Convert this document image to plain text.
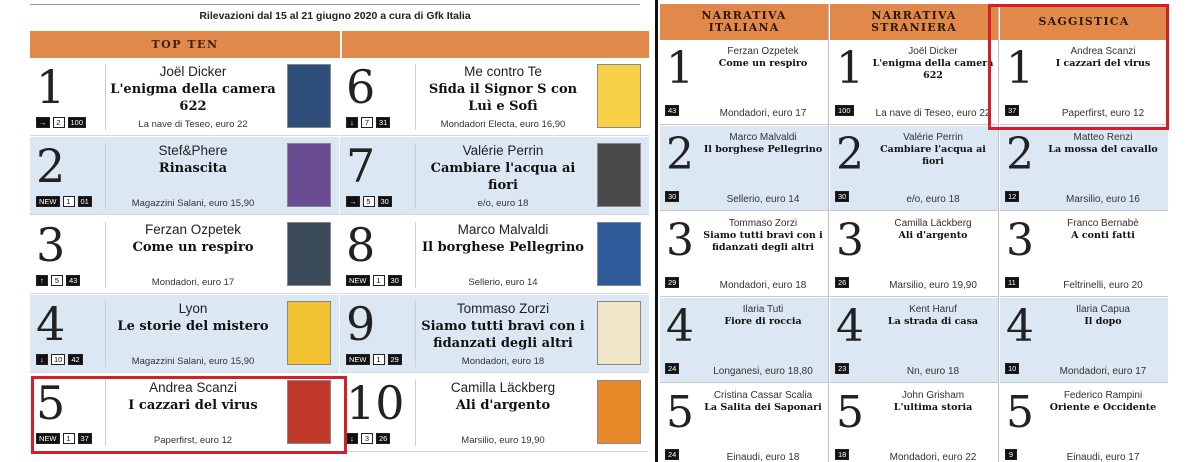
Rilevazioni dal 15 al 21 giugno 2020 a cura di Gfk Italia
TOP TEN
1	Joël Dicker
L'enigma della camera 622
La nave di Teseo, euro 22
→	2	100
2	Stef&Phere
Rinascita
Magazzini Salani, euro 15,90
NEW	1	01
3	Ferzan Ozpetek
Come un respiro
Mondadori, euro 17
↑	5	43
4	Lyon
Le storie del mistero
Magazzini Salani, euro 15,90
↓	10	42
5	Andrea Scanzi
I cazzari del virus
Paperfirst, euro 12
NEW	1	37
6	Me contro Te
Sfida il Signor S con Luì e Sofì
Mondadori Electa, euro 16,90
↓	7	31
7	Valérie Perrin
Cambiare l'acqua ai fiori
e/o, euro 18
→	5	30
8	Marco Malvaldi
Il borghese Pellegrino
Sellerio, euro 14
NEW	1	30
9	Tommaso Zorzi
Siamo tutti bravi con i fidanzati degli altri
Mondadori, euro 18
NEW	1	29
10	Camilla Läckberg
Ali d'argento
Marsilio, euro 19,90
↓	3	26
NARRATIVA
ITALIANA
1	Ferzan Ozpetek
Come un respiro
Mondadori, euro 17
43
2	Marco Malvaldi
Il borghese Pellegrino
Sellerio, euro 14
30
3	Tommaso Zorzi
Siamo tutti bravi con i fidanzati degli altri
Mondadori, euro 18
29
4	Ilaria Tuti
Fiore di roccia
Longanesi, euro 18,80
24
5	Cristina Cassar Scalia
La Salita dei Saponari
Einaudi, euro 18
24
NARRATIVA
STRANIERA
1	Joël Dicker
L'enigma della camera 622
La nave di Teseo, euro 22
100
2	Valérie Perrin
Cambiare l'acqua ai fiori
e/o, euro 18
30
3	Camilla Läckberg
Ali d'argento
Marsilio, euro 19,90
26
4	Kent Haruf
La strada di casa
Nn, euro 18
23
5	John Grisham
L'ultima storia
Mondadori, euro 22
18
SAGGISTICA
1	Andrea Scanzi
I cazzari del virus
Paperfirst, euro 12
37
2	Matteo Renzi
La mossa del cavallo
Marsilio, euro 16
12
3	Franco Bernabè
A conti fatti
Feltrinelli, euro 20
11
4	Ilaria Capua
Il dopo
Mondadori, euro 17
10
5	Federico Rampini
Oriente e Occidente
Einaudi, euro 17
9
